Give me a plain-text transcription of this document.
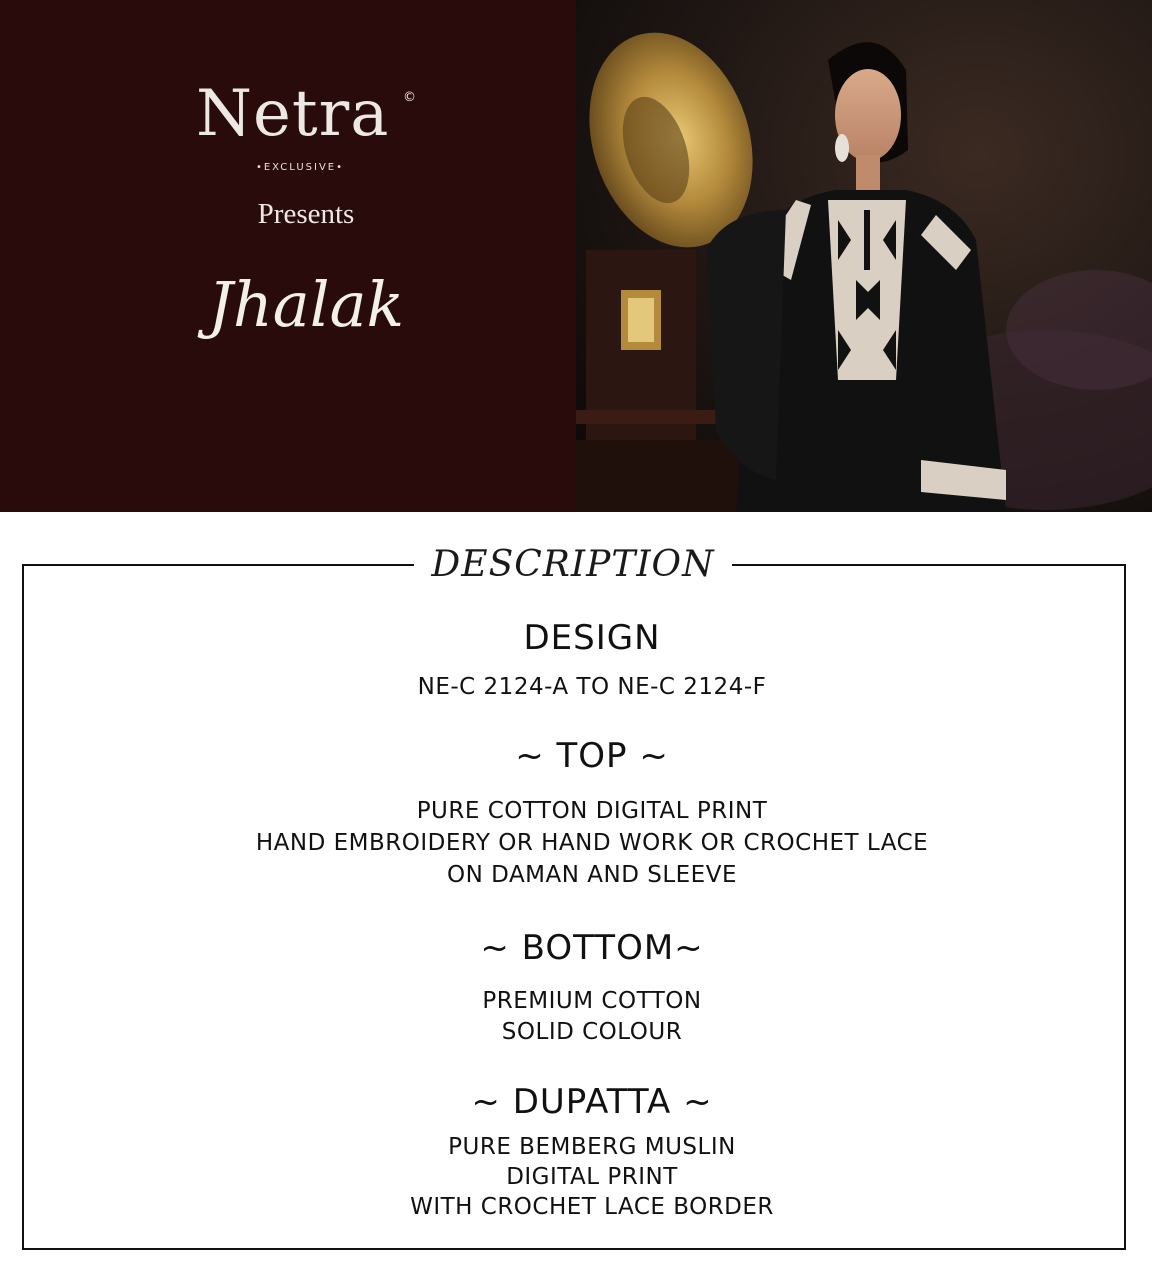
Netra ©
•EXCLUSIVE•
Presents
Jhalak
DESCRIPTION
DESIGN
NE-C 2124-A TO NE-C 2124-F
~ TOP ~
PURE COTTON DIGITAL PRINT
HAND EMBROIDERY OR HAND WORK OR CROCHET LACE
ON DAMAN AND SLEEVE
~ BOTTOM~
PREMIUM COTTON
SOLID COLOUR
~ DUPATTA ~
PURE BEMBERG MUSLIN
DIGITAL PRINT
WITH CROCHET LACE BORDER
